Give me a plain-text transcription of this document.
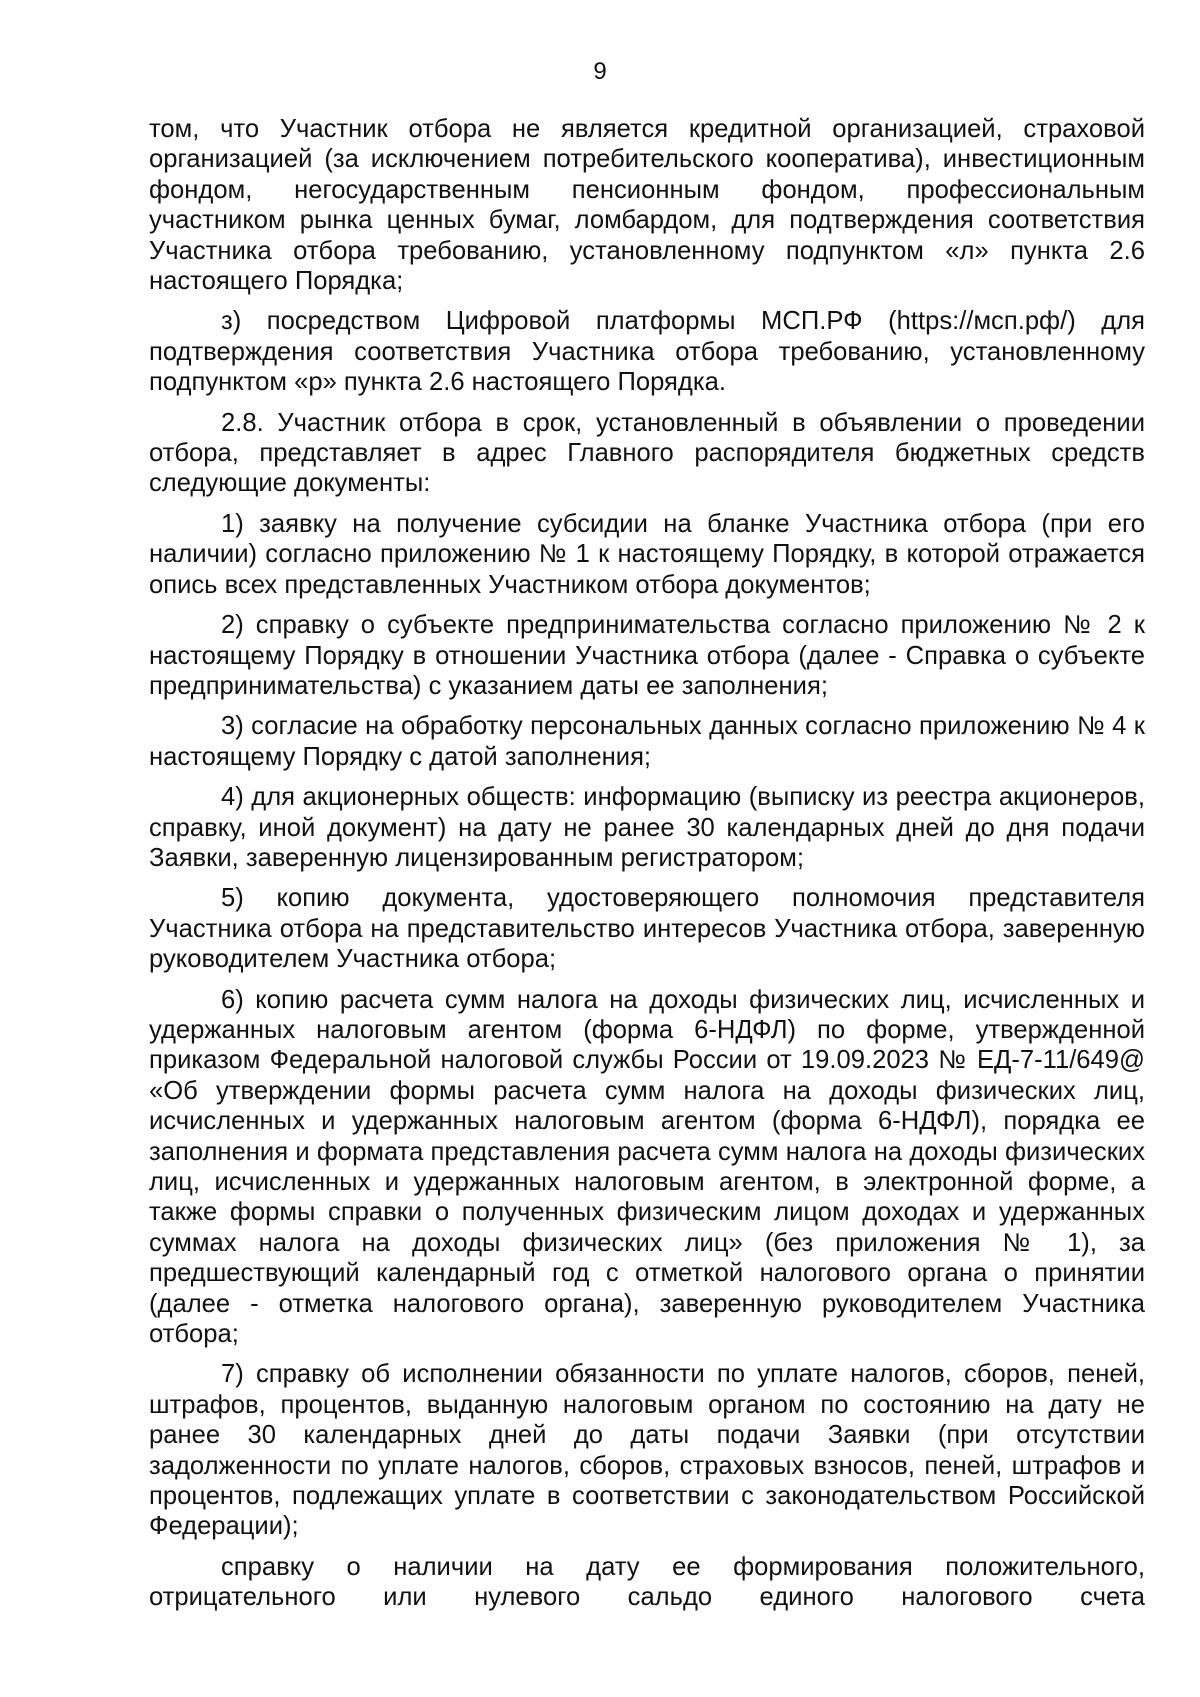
9

том, что Участник отбора не является кредитной организацией, страховой организацией (за исключением потребительского кооператива), инвестиционным фондом, негосударственным пенсионным фондом, профессиональным участником рынка ценных бумаг, ломбардом, для подтверждения соответствия Участника отбора требованию, установленному подпунктом «л» пункта 2.6 настоящего Порядка;

з) посредством Цифровой платформы МСП.РФ (https://мсп.рф/) для подтверждения соответствия Участника отбора требованию, установленному подпунктом «р» пункта 2.6 настоящего Порядка.

2.8. Участник отбора в срок, установленный в объявлении о проведении отбора, представляет в адрес Главного распорядителя бюджетных средств следующие документы:

1) заявку на получение субсидии на бланке Участника отбора (при его наличии) согласно приложению № 1 к настоящему Порядку, в которой отражается опись всех представленных Участником отбора документов;

2) справку о субъекте предпринимательства согласно приложению № 2 к настоящему Порядку в отношении Участника отбора (далее - Справка о субъекте предпринимательства) с указанием даты ее заполнения;

3) согласие на обработку персональных данных согласно приложению № 4 к настоящему Порядку с датой заполнения;

4) для акционерных обществ: информацию (выписку из реестра акционеров, справку, иной документ) на дату не ранее 30 календарных дней до дня подачи Заявки, заверенную лицензированным регистратором;

5) копию документа, удостоверяющего полномочия представителя Участника отбора на представительство интересов Участника отбора, заверенную руководителем Участника отбора;

6) копию расчета сумм налога на доходы физических лиц, исчисленных и удержанных налоговым агентом (форма 6-НДФЛ) по форме, утвержденной приказом Федеральной налоговой службы России от 19.09.2023 № ЕД-7-11/649@ «Об утверждении формы расчета сумм налога на доходы физических лиц, исчисленных и удержанных налоговым агентом (форма 6-НДФЛ), порядка ее заполнения и формата представления расчета сумм налога на доходы физических лиц, исчисленных и удержанных налоговым агентом, в электронной форме, а также формы справки о полученных физическим лицом доходах и удержанных суммах налога на доходы физических лиц» (без приложения № 1), за предшествующий календарный год с отметкой налогового органа о принятии (далее - отметка налогового органа), заверенную руководителем Участника отбора;

7) справку об исполнении обязанности по уплате налогов, сборов, пеней, штрафов, процентов, выданную налоговым органом по состоянию на дату не ранее 30 календарных дней до даты подачи Заявки (при отсутствии задолженности по уплате налогов, сборов, страховых взносов, пеней, штрафов и процентов, подлежащих уплате в соответствии с законодательством Российской Федерации);

справку о наличии на дату ее формирования положительного, отрицательного или нулевого сальдо единого налогового счета
